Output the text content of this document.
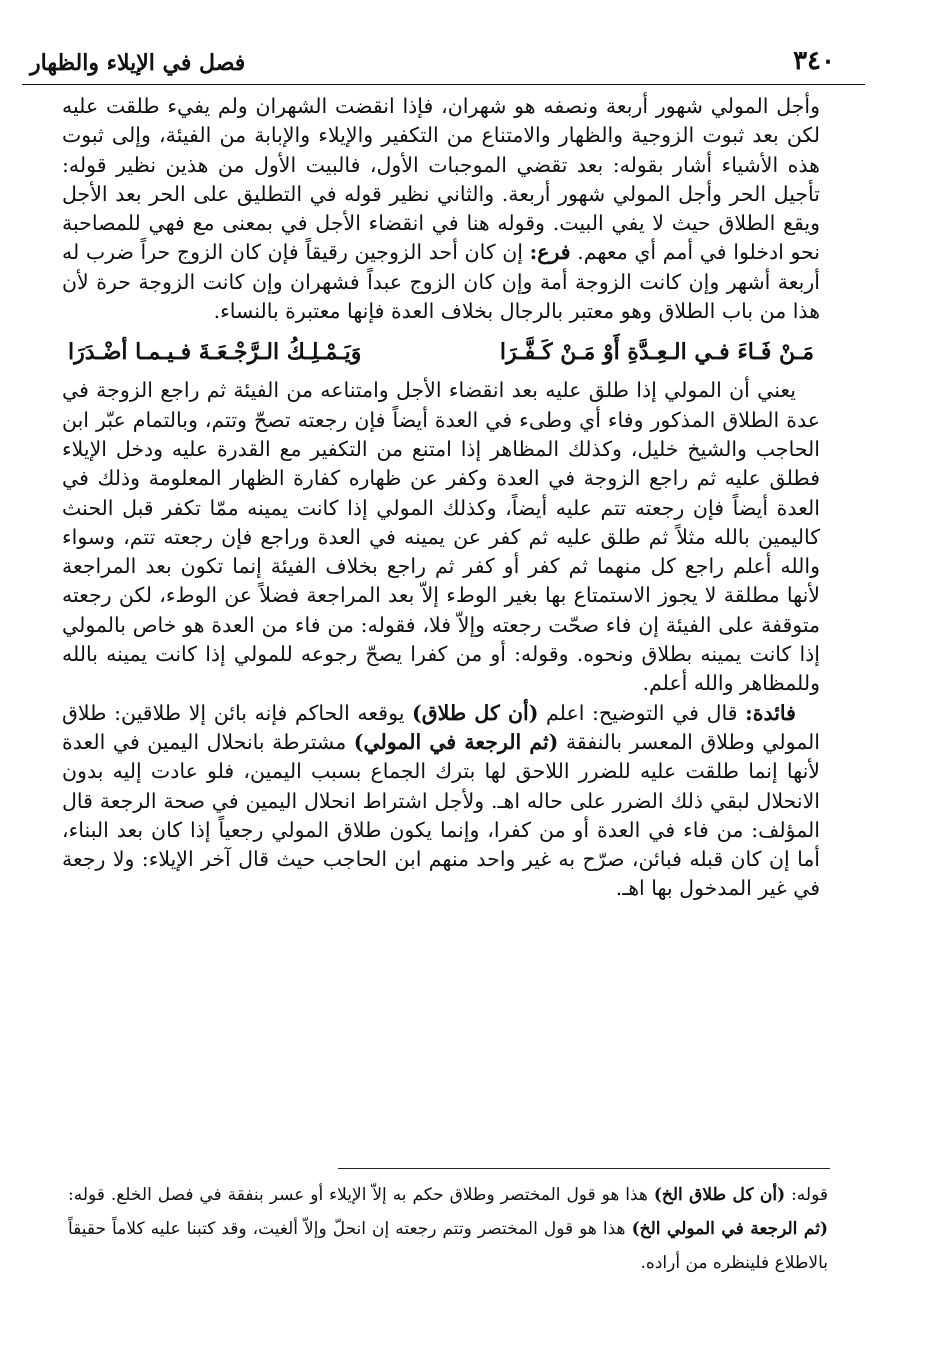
٣٤٠
فصل في الإيلاء والظهار

وأجل المولي شهور أربعة ونصفه هو شهران، فإذا انقضت الشهران ولم يفيء طلقت عليه لكن بعد ثبوت الزوجية والظهار والامتناع من التكفير والإيلاء والإبابة من الفيئة، وإلى ثبوت هذه الأشياء أشار بقوله: بعد تقضي الموجبات الأول، فالبيت الأول من هذين نظير قوله: تأجيل الحر وأجل المولي شهور أربعة. والثاني نظير قوله في التطليق على الحر بعد الأجل ويقع الطلاق حيث لا يفي البيت. وقوله هنا في انقضاء الأجل في بمعنى مع فهي للمصاحبة نحو ادخلوا في أمم أي معهم. فرع: إن كان أحد الزوجين رقيقاً فإن كان الزوج حراً ضرب له أربعة أشهر وإن كانت الزوجة أمة وإن كان الزوج عبداً فشهران وإن كانت الزوجة حرة لأن هذا من باب الطلاق وهو معتبر بالرجال بخلاف العدة فإنها معتبرة بالنساء.

وَيَـمْـلِـكُ الـرَّجْـعَـةَ فـيـمـا أضْـدَرَا	مَـنْ فَـاءَ فـي الـعِـدَّةِ أَوْ مَـنْ كَـفَّـرَا

يعني أن المولي إذا طلق عليه بعد انقضاء الأجل وامتناعه من الفيئة ثم راجع الزوجة في عدة الطلاق المذكور وفاء أي وطىء في العدة أيضاً فإن رجعته تصحّ وتتم، وبالتمام عبّر ابن الحاجب والشيخ خليل، وكذلك المظاهر إذا امتنع من التكفير مع القدرة عليه ودخل الإيلاء فطلق عليه ثم راجع الزوجة في العدة وكفر عن ظهاره كفارة الظهار المعلومة وذلك في العدة أيضاً فإن رجعته تتم عليه أيضاً، وكذلك المولي إذا كانت يمينه ممّا تكفر قبل الحنث كاليمين بالله مثلاً ثم طلق عليه ثم كفر عن يمينه في العدة وراجع فإن رجعته تتم، وسواء والله أعلم راجع كل منهما ثم كفر أو كفر ثم راجع بخلاف الفيئة إنما تكون بعد المراجعة لأنها مطلقة لا يجوز الاستمتاع بها بغير الوطء إلاّ بعد المراجعة فضلاً عن الوطء، لكن رجعته متوقفة على الفيئة إن فاء صحّت رجعته وإلاّ فلا، فقوله: من فاء من العدة هو خاص بالمولي إذا كانت يمينه بطلاق ونحوه. وقوله: أو من كفرا يصحّ رجوعه للمولي إذا كانت يمينه بالله وللمظاهر والله أعلم.

فائدة: قال في التوضيح: اعلم (أن كل طلاق) يوقعه الحاكم فإنه بائن إلا طلاقين: طلاق المولي وطلاق المعسر بالنفقة (ثم الرجعة في المولي) مشترطة بانحلال اليمين في العدة لأنها إنما طلقت عليه للضرر اللاحق لها بترك الجماع بسبب اليمين، فلو عادت إليه بدون الانحلال لبقي ذلك الضرر على حاله اهـ. ولأجل اشتراط انحلال اليمين في صحة الرجعة قال المؤلف: من فاء في العدة أو من كفرا، وإنما يكون طلاق المولي رجعياً إذا كان بعد البناء، أما إن كان قبله فبائن، صرّح به غير واحد منهم ابن الحاجب حيث قال آخر الإيلاء: ولا رجعة في غير المدخول بها اهـ.

قوله: (أن كل طلاق الخ) هذا هو قول المختصر وطلاق حكم به إلاّ الإيلاء أو عسر بنفقة في فصل الخلع. قوله: (ثم الرجعة في المولي الخ) هذا هو قول المختصر وتتم رجعته إن انحلّ وإلاّ ألغيت، وقد كتبنا عليه كلاماً حقيقاً بالاطلاع فلينظره من أراده.
